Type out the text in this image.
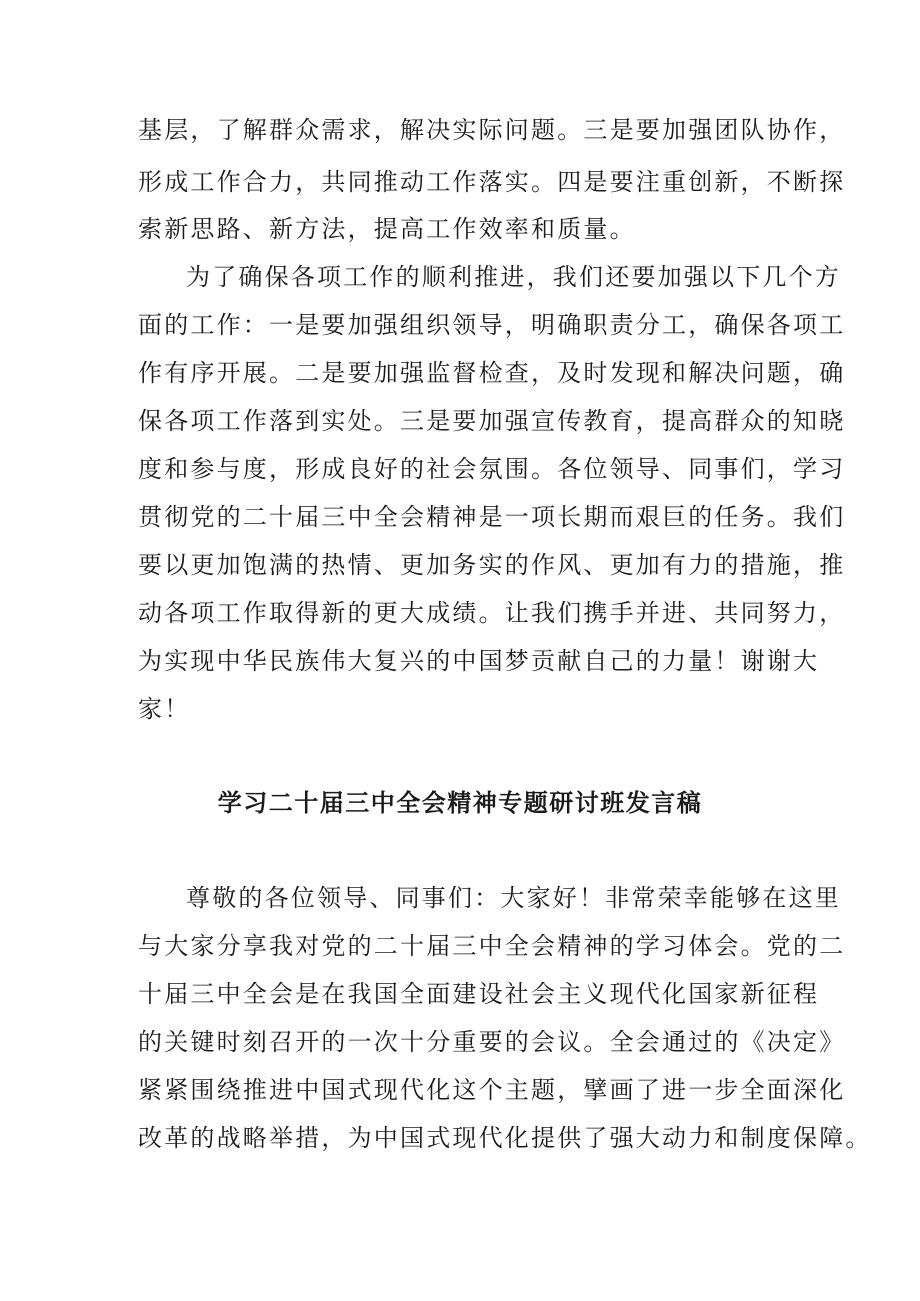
基层，了解群众需求，解决实际问题。三是要加强团队协作，

形成工作合力，共同推动工作落实。四是要注重创新，不断探

索新思路、新方法，提高工作效率和质量。

为了确保各项工作的顺利推进，我们还要加强以下几个方

面的工作：一是要加强组织领导，明确职责分工，确保各项工

作有序开展。二是要加强监督检查，及时发现和解决问题，确

保各项工作落到实处。三是要加强宣传教育，提高群众的知晓

度和参与度，形成良好的社会氛围。各位领导、同事们，学习

贯彻党的二十届三中全会精神是一项长期而艰巨的任务。我们

要以更加饱满的热情、更加务实的作风、更加有力的措施，推

动各项工作取得新的更大成绩。让我们携手并进、共同努力，

为实现中华民族伟大复兴的中国梦贡献自己的力量！谢谢大

家！

学习二十届三中全会精神专题研讨班发言稿

尊敬的各位领导、同事们：大家好！非常荣幸能够在这里

与大家分享我对党的二十届三中全会精神的学习体会。党的二

十届三中全会是在我国全面建设社会主义现代化国家新征程

的关键时刻召开的一次十分重要的会议。全会通过的《决定》

紧紧围绕推进中国式现代化这个主题，擘画了进一步全面深化

改革的战略举措，为中国式现代化提供了强大动力和制度保障。
